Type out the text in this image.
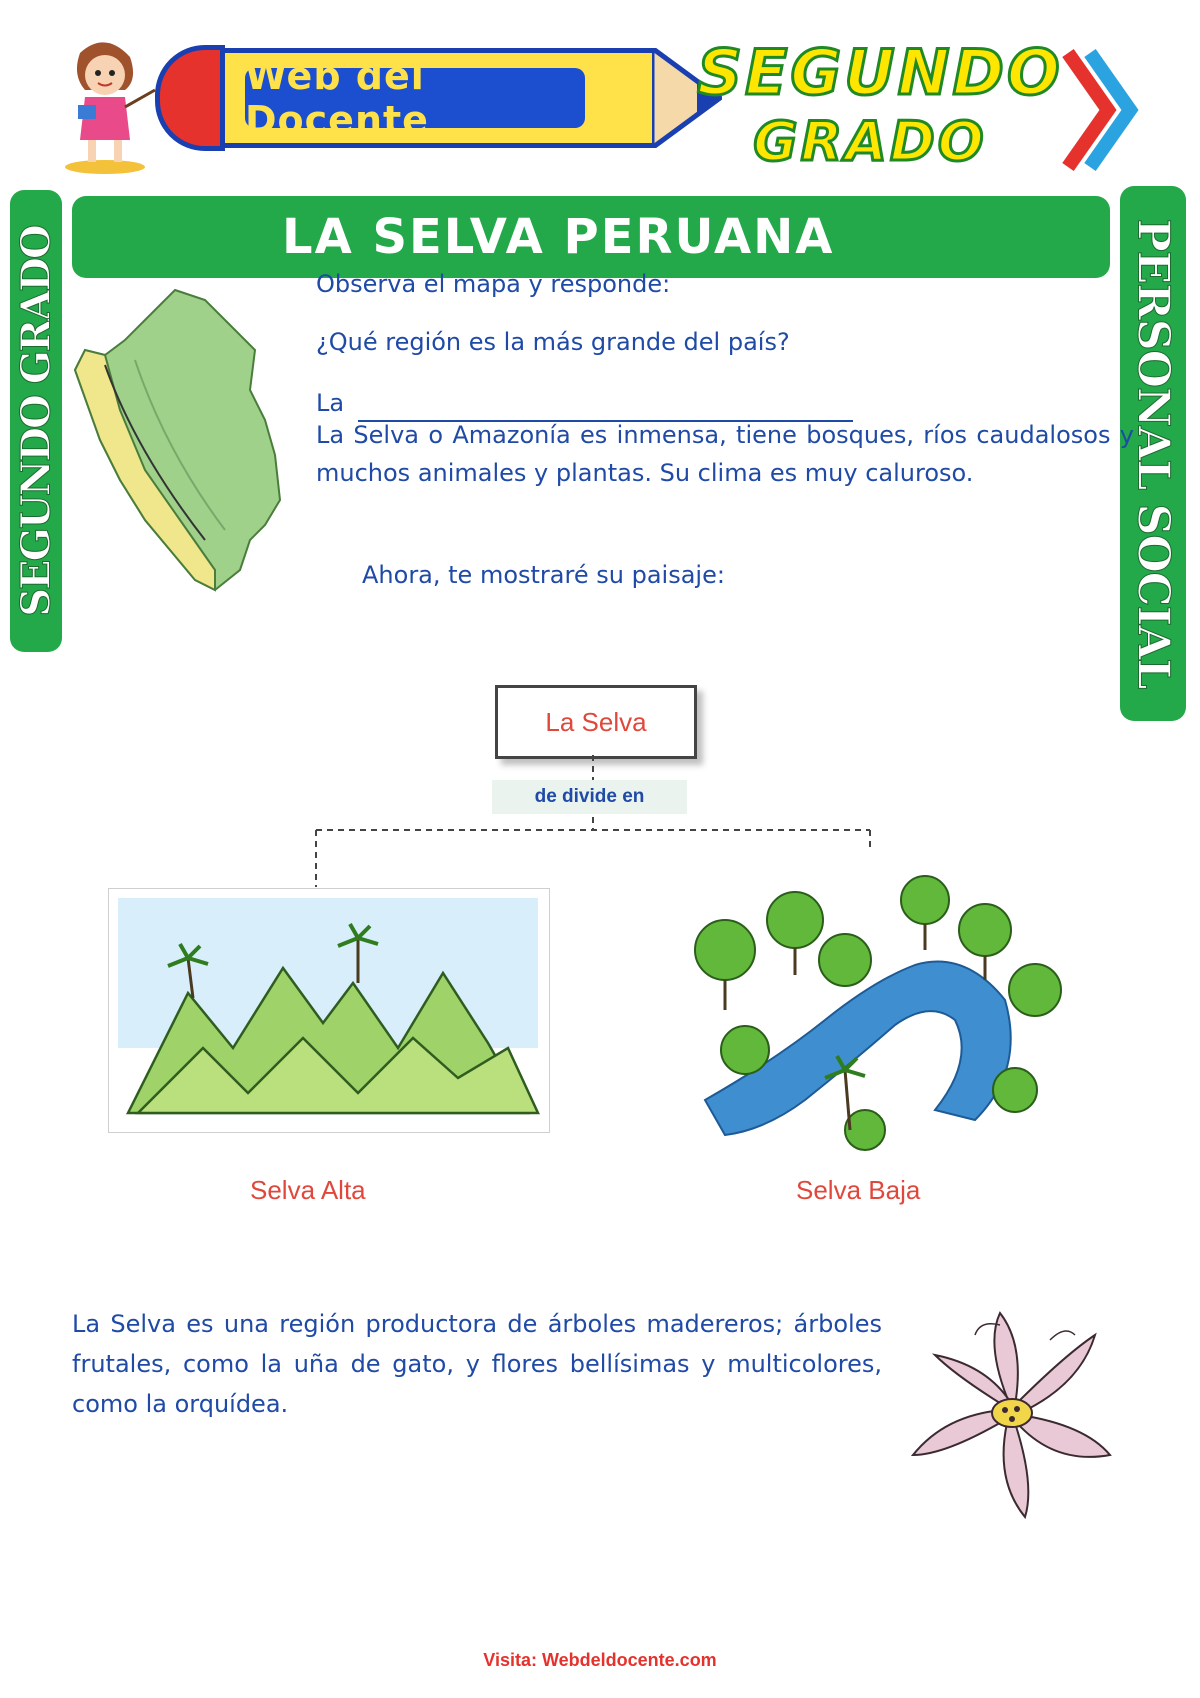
Web del Docente
SEGUNDO
GRADO
LA SELVA PERUANA
SEGUNDO GRADO	PERSONAL SOCIAL
Observa el mapa y responde:
¿Qué región es la más grande del país?
La
La Selva o Amazonía es inmensa, tiene bosques, ríos caudalosos y muchos animales y plantas. Su clima es muy caluroso.
Ahora, te mostraré su paisaje:
La Selva
de divide en
Selva Alta	Selva Baja
La Selva es una región productora de árboles madereros; árboles frutales, como la uña de gato, y flores bellísimas y multicolores, como la orquídea.
Visita: Webdeldocente.com
